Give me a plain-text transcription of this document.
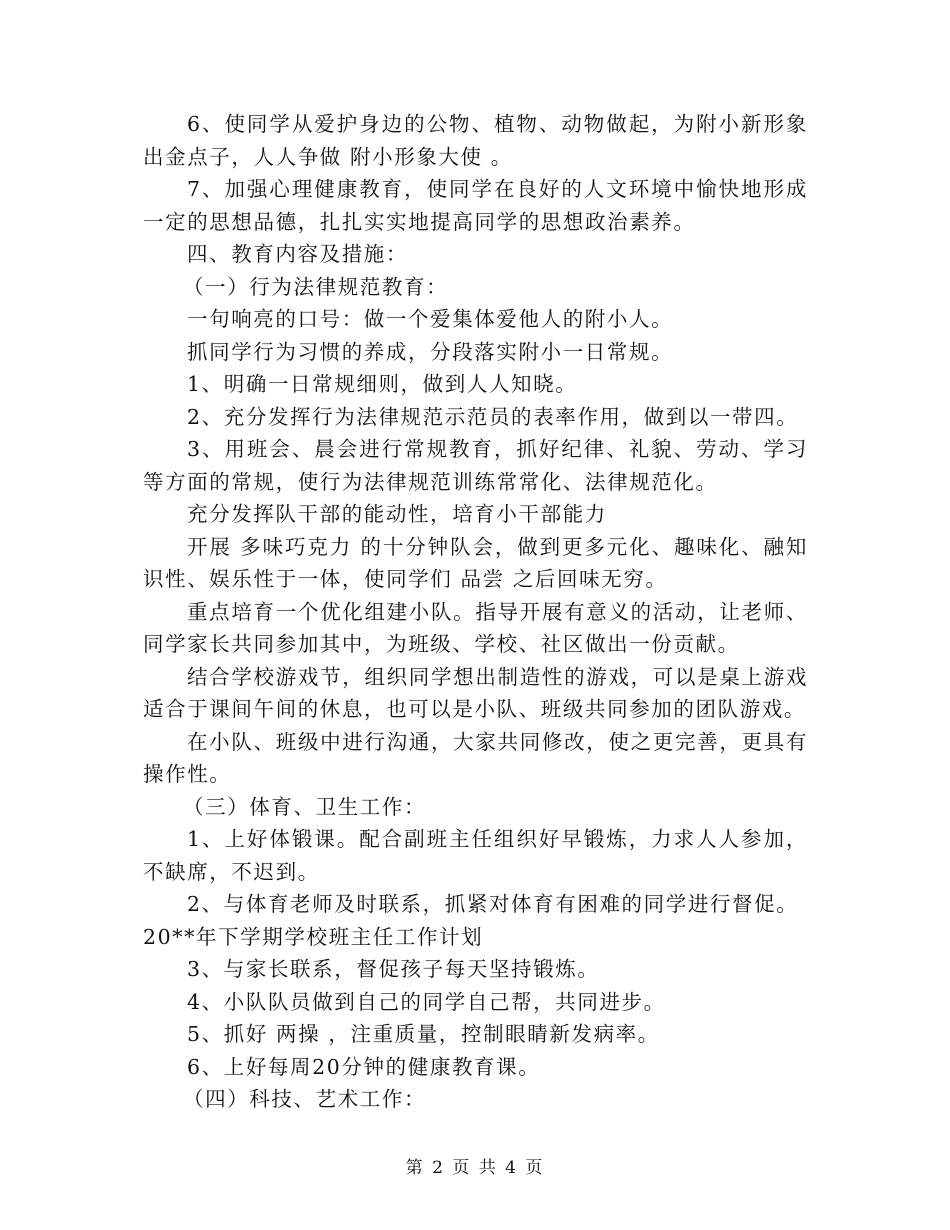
6、使同学从爱护身边的公物、植物、动物做起，为附小新形象出金点子，人人争做 附小形象大使 。

7、加强心理健康教育，使同学在良好的人文环境中愉快地形成一定的思想品德，扎扎实实地提高同学的思想政治素养。

四、教育内容及措施：

（一）行为法律规范教育：

一句响亮的口号：做一个爱集体爱他人的附小人。

抓同学行为习惯的养成，分段落实附小一日常规。

1、明确一日常规细则，做到人人知晓。

2、充分发挥行为法律规范示范员的表率作用，做到以一带四。

3、用班会、晨会进行常规教育，抓好纪律、礼貌、劳动、学习等方面的常规，使行为法律规范训练常常化、法律规范化。

充分发挥队干部的能动性，培育小干部能力

开展 多味巧克力 的十分钟队会，做到更多元化、趣味化、融知识性、娱乐性于一体，使同学们 品尝 之后回味无穷。

重点培育一个优化组建小队。指导开展有意义的活动，让老师、同学家长共同参加其中，为班级、学校、社区做出一份贡献。

结合学校游戏节，组织同学想出制造性的游戏，可以是桌上游戏适合于课间午间的休息，也可以是小队、班级共同参加的团队游戏。

在小队、班级中进行沟通，大家共同修改，使之更完善，更具有操作性。

（三）体育、卫生工作：

1、上好体锻课。配合副班主任组织好早锻炼，力求人人参加，不缺席，不迟到。

2、与体育老师及时联系，抓紧对体育有困难的同学进行督促。

20**年下学期学校班主任工作计划

3、与家长联系，督促孩子每天坚持锻炼。

4、小队队员做到自己的同学自己帮，共同进步。

5、抓好 两操 ，注重质量，控制眼睛新发病率。

6、上好每周20分钟的健康教育课。

（四）科技、艺术工作：

第 2 页 共 4 页
